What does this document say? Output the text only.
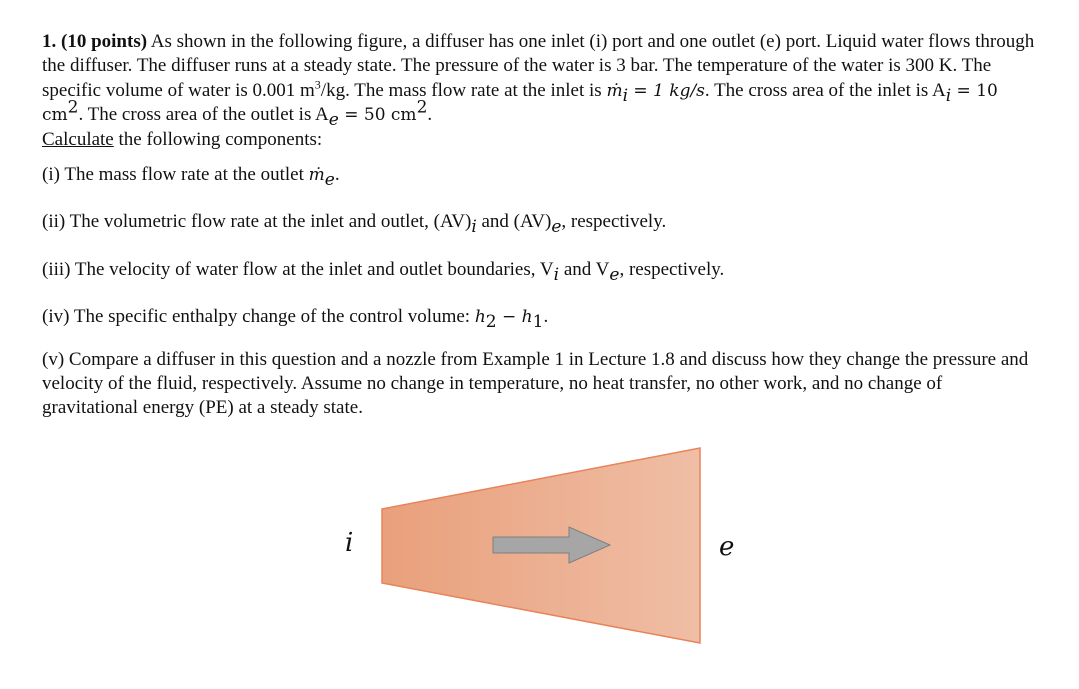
1. (10 points) As shown in the following figure, a diffuser has one inlet (i) port and one outlet (e) port. Liquid water flows through the diffuser. The diffuser runs at a steady state. The pressure of the water is 3 bar. The temperature of the water is 300 K. The specific volume of water is 0.001 $m^3/kg$. The mass flow rate at the inlet is ṁ$_i$ = 1 kg/s. The cross area of the inlet is $A_i = 10$ $cm^2$. The cross area of the outlet is $A_e = 50$ $cm^2$.
Calculate the following components:

(i) The mass flow rate at the outlet ṁ$_e$.

(ii) The volumetric flow rate at the inlet and outlet, $(AV)_i$ and $(AV)_e$, respectively.

(iii) The velocity of water flow at the inlet and outlet boundaries, $V_i$ and $V_e$, respectively.

(iv) The specific enthalpy change of the control volume: $h_2 - h_1$.

(v) Compare a diffuser in this question and a nozzle from Example 1 in Lecture 1.8 and discuss how they change the pressure and velocity of the fluid, respectively. Assume no change in temperature, no heat transfer, no other work, and no change of gravitational energy (PE) at a steady state.

i	e
